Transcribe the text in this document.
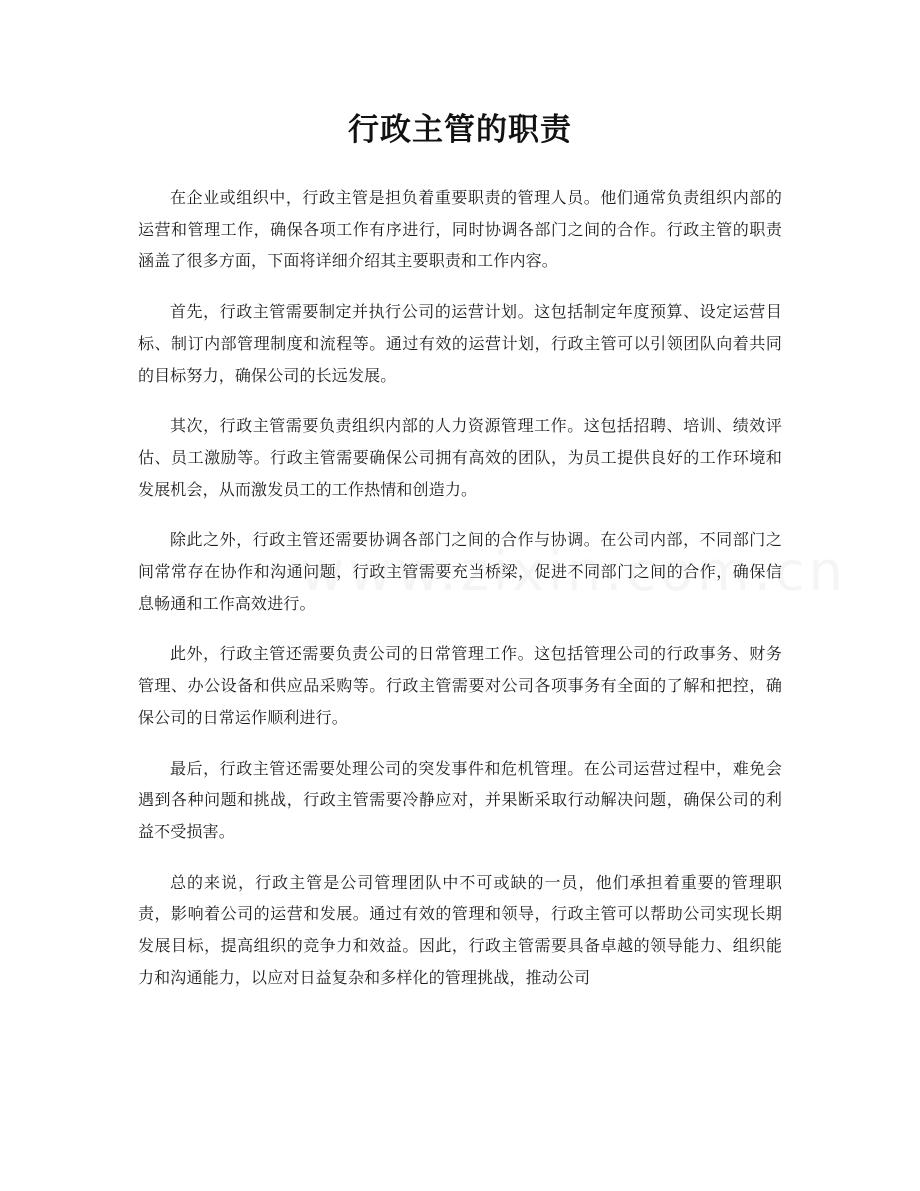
行政主管的职责

在企业或组织中，行政主管是担负着重要职责的管理人员。他们通常负责组织内部的运营和管理工作，确保各项工作有序进行，同时协调各部门之间的合作。行政主管的职责涵盖了很多方面，下面将详细介绍其主要职责和工作内容。

首先，行政主管需要制定并执行公司的运营计划。这包括制定年度预算、设定运营目标、制订内部管理制度和流程等。通过有效的运营计划，行政主管可以引领团队向着共同的目标努力，确保公司的长远发展。

其次，行政主管需要负责组织内部的人力资源管理工作。这包括招聘、培训、绩效评估、员工激励等。行政主管需要确保公司拥有高效的团队，为员工提供良好的工作环境和发展机会，从而激发员工的工作热情和创造力。

除此之外，行政主管还需要协调各部门之间的合作与协调。在公司内部，不同部门之间常常存在协作和沟通问题，行政主管需要充当桥梁，促进不同部门之间的合作，确保信息畅通和工作高效进行。

此外，行政主管还需要负责公司的日常管理工作。这包括管理公司的行政事务、财务管理、办公设备和供应品采购等。行政主管需要对公司各项事务有全面的了解和把控，确保公司的日常运作顺利进行。

最后，行政主管还需要处理公司的突发事件和危机管理。在公司运营过程中，难免会遇到各种问题和挑战，行政主管需要冷静应对，并果断采取行动解决问题，确保公司的利益不受损害。

总的来说，行政主管是公司管理团队中不可或缺的一员，他们承担着重要的管理职责，影响着公司的运营和发展。通过有效的管理和领导，行政主管可以帮助公司实现长期发展目标，提高组织的竞争力和效益。因此，行政主管需要具备卓越的领导能力、组织能力和沟通能力，以应对日益复杂和多样化的管理挑战，推动公司
